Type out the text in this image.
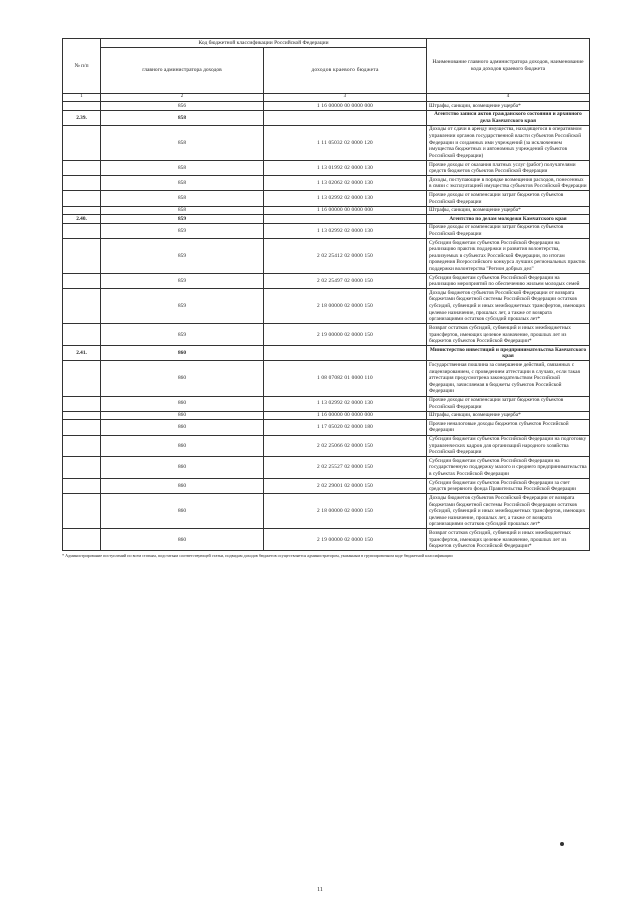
№ п/п	Код бюджетной классификации Российской Федерации		Наименование главного администратора доходов, наименование кода доходов краевого бюджета
	главного администратора доходов	доходов краевого бюджета	
1	2	3	4
	856	1 16 00000 00 0000 000	Штрафы, санкции, возмещение ущерба*
2.39.	858		Агентство записи актов гражданского состояния и архивного дела Камчатского края
	858	1 11 05032 02 0000 120	Доходы от сдачи в аренду имущества, находящегося в оперативном управлении органов государственной власти субъектов Российской Федерации и созданных ими учреждений (за исключением имущества бюджетных и автономных учреждений субъектов Российской Федерации)
	858	1 13 01992 02 0000 130	Прочие доходы от оказания платных услуг (работ) получателями средств бюджетов субъектов Российской Федерации
	858	1 13 02062 02 0000 130	Доходы, поступающие в порядке возмещения расходов, понесенных в связи с эксплуатацией имущества субъектов Российской Федерации
	858	1 13 02992 02 0000 130	Прочие доходы от компенсации затрат бюджетов субъектов Российской Федерации
	858	1 16 00000 00 0000 000	Штрафы, санкции, возмещение ущерба*
2.40.	859		Агентство по делам молодежи Камчатского края
	859	1 13 02992 02 0000 130	Прочие доходы от компенсации затрат бюджетов субъектов Российской Федерации
	859	2 02 25412 02 0000 150	Субсидии бюджетам субъектов Российской Федерации на реализацию практик поддержки и развития волонтерства, реализуемых в субъектах Российской Федерации, по итогам проведения Всероссийского конкурса лучших региональных практик поддержки волонтерства "Регион добрых дел"
	859	2 02 25497 02 0000 150	Субсидии бюджетам субъектов Российской Федерации на реализацию мероприятий по обеспечению жильем молодых семей
	859	2 18 00000 02 0000 150	Доходы бюджетов субъектов Российской Федерации от возврата бюджетами бюджетной системы Российской Федерации остатков субсидий, субвенций и иных межбюджетных трансфертов, имеющих целевое назначение, прошлых лет, а также от возврата организациями остатков субсидий прошлых лет*
	859	2 19 00000 02 0000 150	Возврат остатков субсидий, субвенций и иных межбюджетных трансфертов, имеющих целевое назначение, прошлых лет из бюджетов субъектов Российской Федерации*
2.41.	860		Министерство инвестиций и предпринимательства Камчатского края
	860	1 08 07082 01 0000 110	Государственная пошлина за совершение действий, связанных с лицензированием, с проведением аттестации в случаях, если такая аттестация предусмотрена законодательством Российской Федерации, зачисляемая в бюджеты субъектов Российской Федерации
	860	1 13 02992 02 0000 130	Прочие доходы от компенсации затрат бюджетов субъектов Российской Федерации
	860	1 16 00000 00 0000 000	Штрафы, санкции, возмещение ущерба*
	860	1 17 05020 02 0000 180	Прочие неналоговые доходы бюджетов субъектов Российской Федерации
	860	2 02 25066 02 0000 150	Субсидии бюджетам субъектов Российской Федерации на подготовку управленческих кадров для организаций народного хозяйства Российской Федерации
	860	2 02 25527 02 0000 150	Субсидии бюджетам субъектов Российской Федерации на государственную поддержку малого и среднего предпринимательства в субъектах Российской Федерации
	860	2 02 29001 02 0000 150	Субсидии бюджетам субъектов Российской Федерации за счет средств резервного фонда Правительства Российской Федерации
	860	2 18 00000 02 0000 150	Доходы бюджетов субъектов Российской Федерации от возврата бюджетами бюджетной системы Российской Федерации остатков субсидий, субвенций и иных межбюджетных трансфертов, имеющих целевое назначение, прошлых лет, а также от возврата организациями остатков субсидий прошлых лет*
	860	2 19 00000 02 0000 150	Возврат остатков субсидий, субвенций и иных межбюджетных трансфертов, имеющих целевое назначение, прошлых лет из бюджетов субъектов Российской Федерации*
* Администрирование поступлений по всем статьям, подстатьям соответствующей статьи, подвидам доходов бюджетов осуществляется администратором, указанным в группировочном коде бюджетной классификации
11
